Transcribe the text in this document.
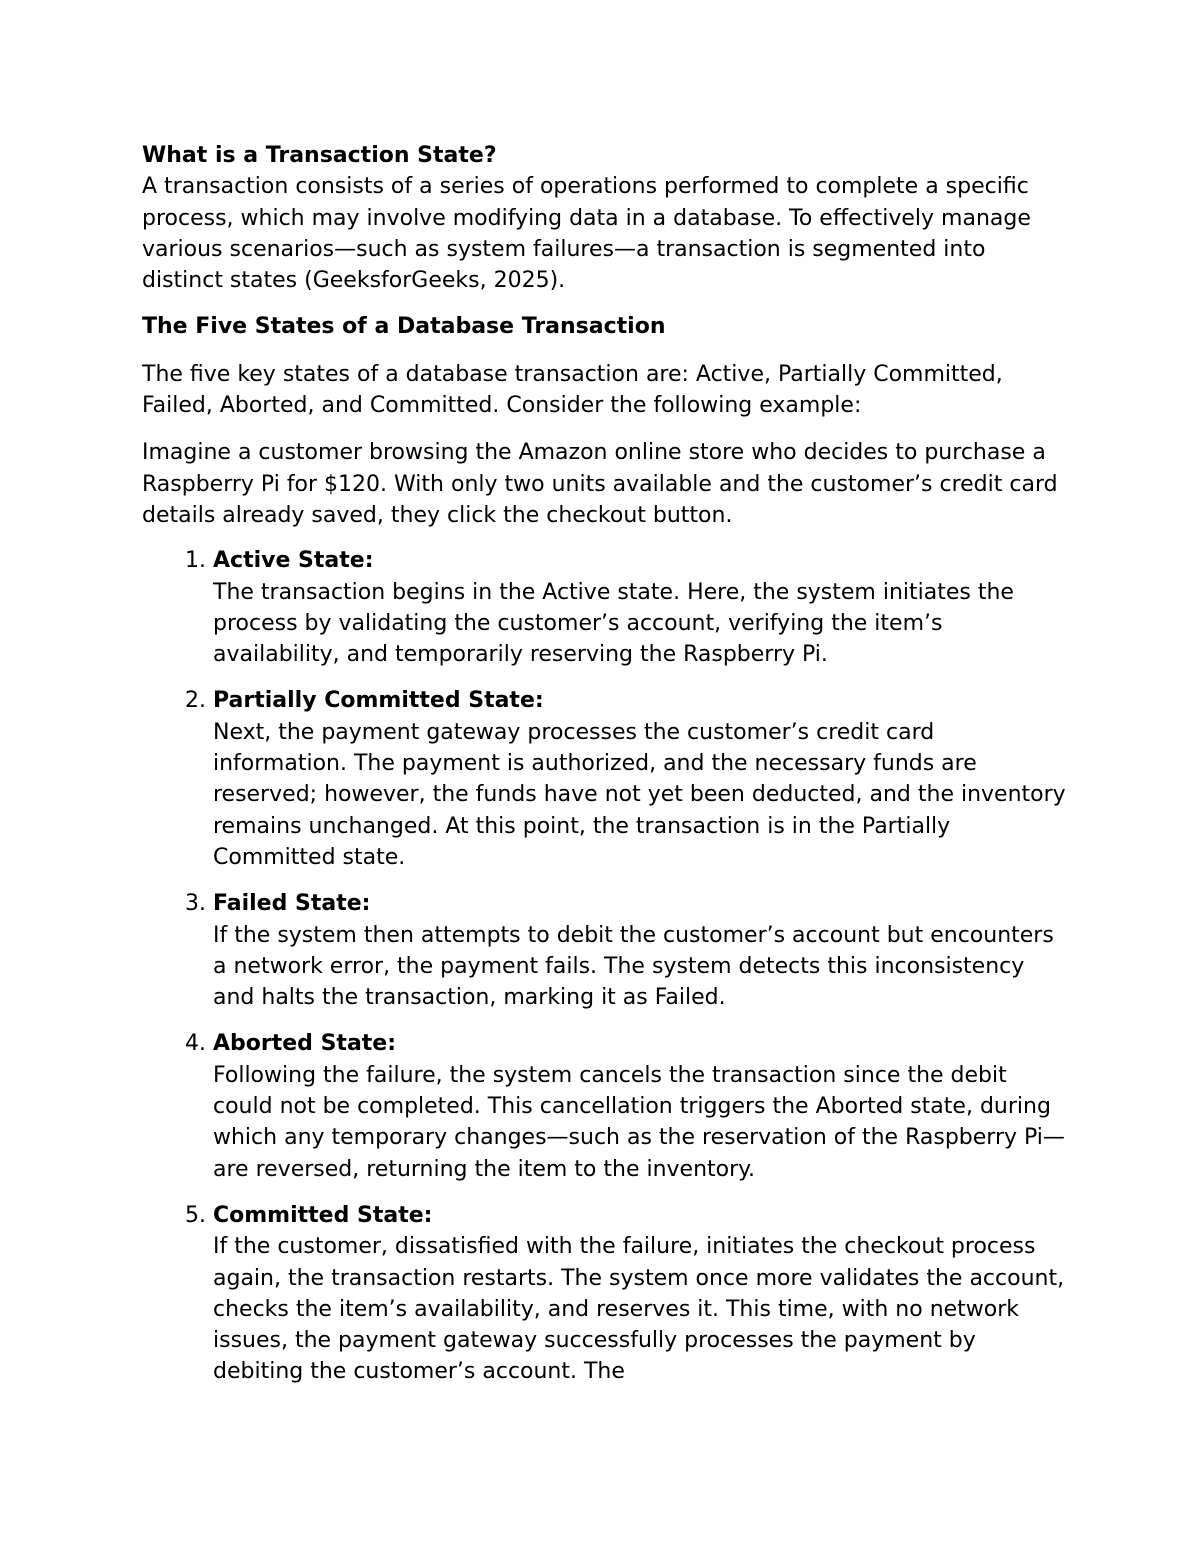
What is a Transaction State?

A transaction consists of a series of operations performed to complete a specific process, which may involve modifying data in a database. To effectively manage various scenarios—such as system failures—a transaction is segmented into distinct states (GeeksforGeeks, 2025).

The Five States of a Database Transaction

The five key states of a database transaction are: Active, Partially Committed, Failed, Aborted, and Committed. Consider the following example:

Imagine a customer browsing the Amazon online store who decides to purchase a Raspberry Pi for $120. With only two units available and the customer’s credit card details already saved, they click the checkout button.

1. Active State:
The transaction begins in the Active state. Here, the system initiates the process by validating the customer’s account, verifying the item’s availability, and temporarily reserving the Raspberry Pi.
2. Partially Committed State:
Next, the payment gateway processes the customer’s credit card information. The payment is authorized, and the necessary funds are reserved; however, the funds have not yet been deducted, and the inventory remains unchanged. At this point, the transaction is in the Partially Committed state.
3. Failed State:
If the system then attempts to debit the customer’s account but encounters a network error, the payment fails. The system detects this inconsistency and halts the transaction, marking it as Failed.
4. Aborted State:
Following the failure, the system cancels the transaction since the debit could not be completed. This cancellation triggers the Aborted state, during which any temporary changes—such as the reservation of the Raspberry Pi—are reversed, returning the item to the inventory.
5. Committed State:
If the customer, dissatisfied with the failure, initiates the checkout process again, the transaction restarts. The system once more validates the account, checks the item’s availability, and reserves it. This time, with no network issues, the payment gateway successfully processes the payment by debiting the customer’s account. The
